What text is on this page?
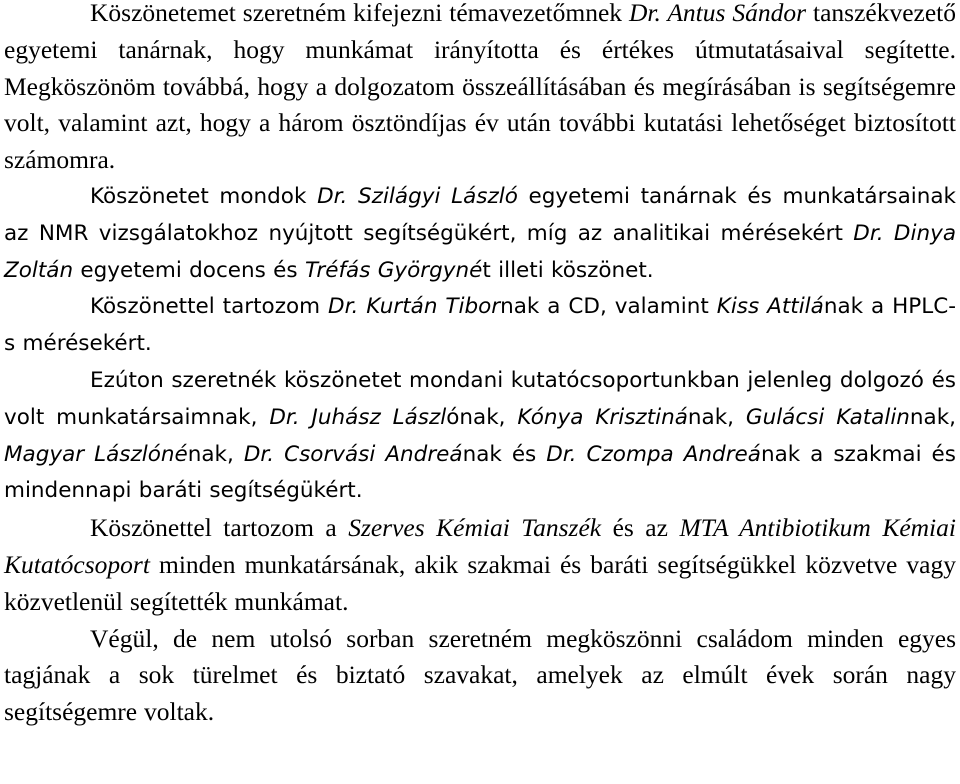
Köszönetemet szeretném kifejezni témavezetőmnek Dr. Antus Sándor tanszékvezető egyetemi tanárnak, hogy munkámat irányította és értékes útmutatásaival segítette. Megköszönöm továbbá, hogy a dolgozatom összeállításában és megírásában is segítségemre volt, valamint azt, hogy a három ösztöndíjas év után további kutatási lehetőséget biztosított számomra.

Köszönetet mondok Dr. Szilágyi László egyetemi tanárnak és munkatársainak az NMR vizsgálatokhoz nyújtott segítségükért, míg az analitikai mérésekért Dr. Dinya Zoltán egyetemi docens és Tréfás Györgynét illeti köszönet.

Köszönettel tartozom Dr. Kurtán Tibornak a CD, valamint Kiss Attilának a HPLC-s mérésekért.

Ezúton szeretnék köszönetet mondani kutatócsoportunkban jelenleg dolgozó és volt munkatársaimnak, Dr. Juhász Lászlónak, Kónya Krisztinának, Gulácsi Katalinnak, Magyar Lászlónénak, Dr. Csorvási Andreának és Dr. Czompa Andreának a szakmai és mindennapi baráti segítségükért.

Köszönettel tartozom a Szerves Kémiai Tanszék és az MTA Antibiotikum Kémiai Kutatócsoport minden munkatársának, akik szakmai és baráti segítségükkel közvetve vagy közvetlenül segítették munkámat.

Végül, de nem utolsó sorban szeretném megköszönni családom minden egyes tagjának a sok türelmet és biztató szavakat, amelyek az elmúlt évek során nagy segítségemre voltak.
